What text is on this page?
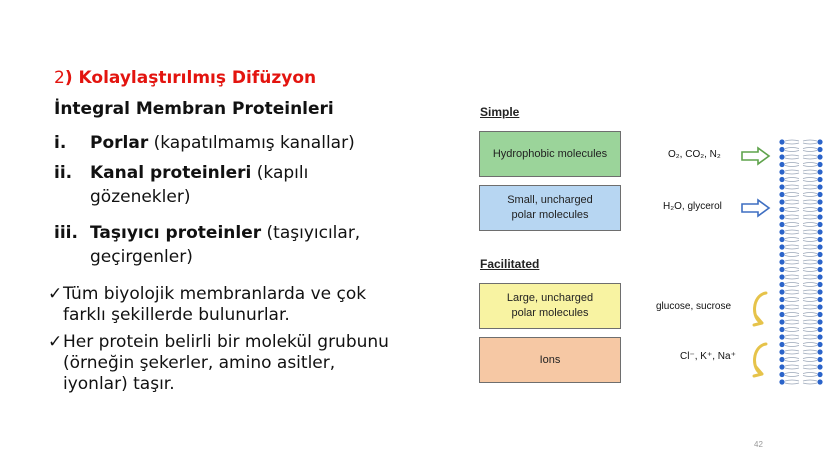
2) Kolaylaştırılmış Difüzyon
İntegral Membran Proteinleri
i. Porlar (kapatılmamış kanallar)
ii. Kanal proteinleri (kapılı gözenekler)
iii. Taşıyıcı proteinler (taşıyıcılar, geçirgenler)
✓ Tüm biyolojik membranlarda ve çok farklı şekillerde bulunurlar.
✓ Her protein belirli bir molekül grubunu (örneğin şekerler, amino asitler, iyonlar) taşır.
Simple
Facilitated
Hydrophobic molecules
Small, uncharged polar molecules
Large, uncharged polar molecules
Ions
O₂, CO₂, N₂
H₂O, glycerol
glucose, sucrose
Cl⁻, K⁺, Na⁺
42
